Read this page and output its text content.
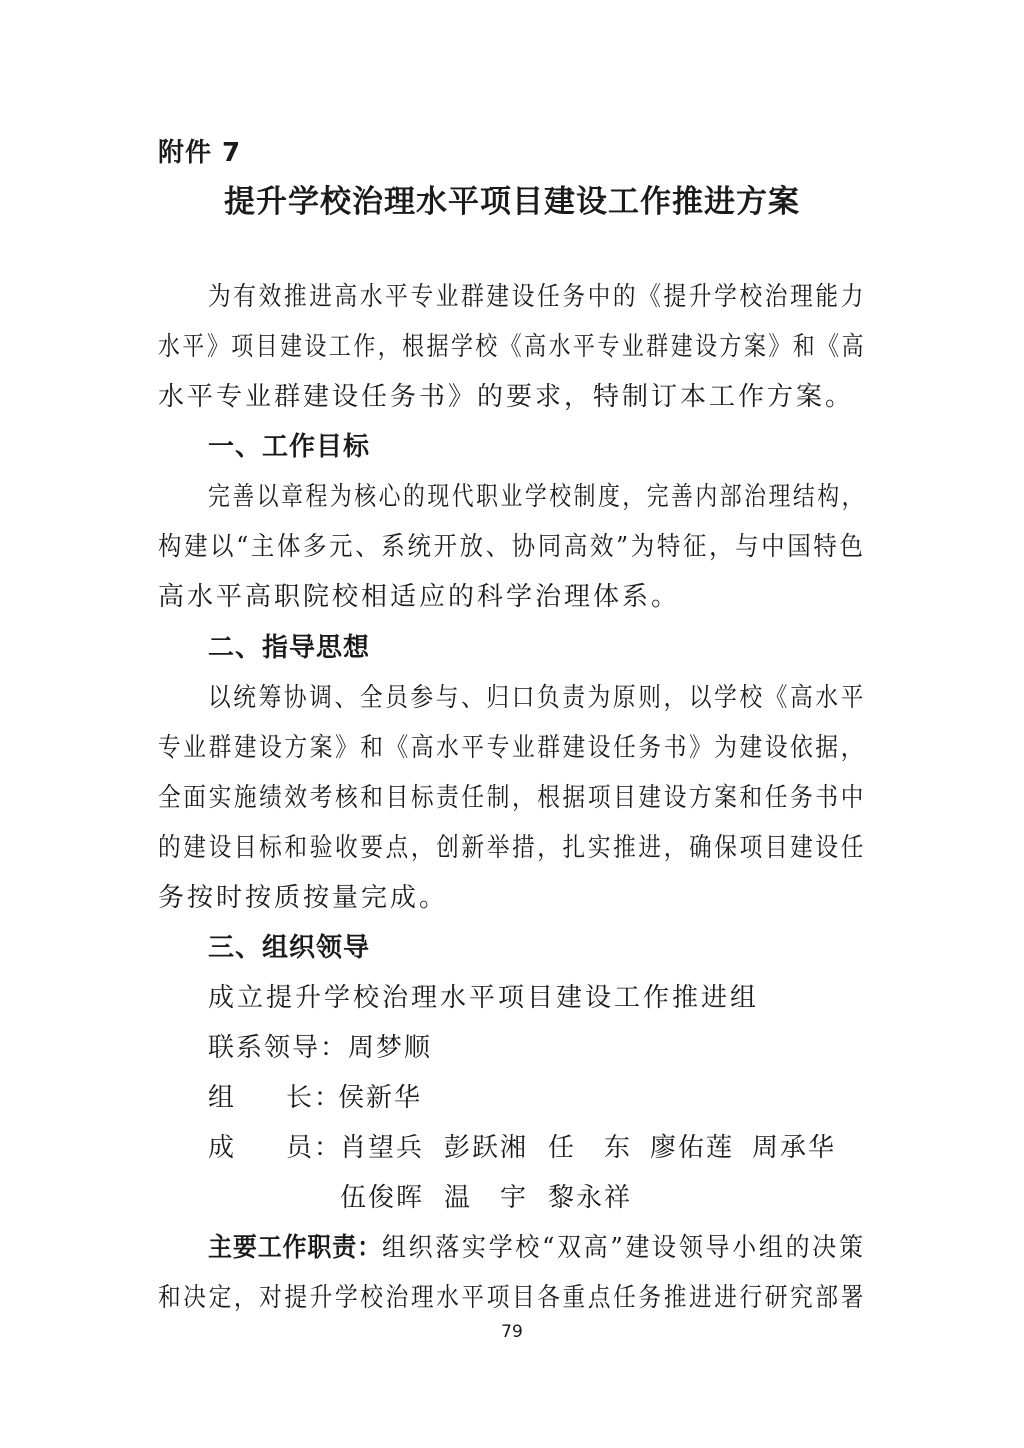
附件 7
提升学校治理水平项目建设工作推进方案
为有效推进高水平专业群建设任务中的《提升学校治理能力
水平》项目建设工作，根据学校《高水平专业群建设方案》和《高
水平专业群建设任务书》的要求，特制订本工作方案。
一、工作目标
完善以章程为核心的现代职业学校制度，完善内部治理结构，
构建以“主体多元、系统开放、协同高效”为特征，与中国特色
高水平高职院校相适应的科学治理体系。
二、指导思想
以统筹协调、全员参与、归口负责为原则，以学校《高水平
专业群建设方案》和《高水平专业群建设任务书》为建设依据，
全面实施绩效考核和目标责任制，根据项目建设方案和任务书中
的建设目标和验收要点，创新举措，扎实推进，确保项目建设任
务按时按质按量完成。
三、组织领导
成立提升学校治理水平项目建设工作推进组
联系领导：周梦顺
组 长：
侯新华
成 员：
肖望兵 彭跃湘 任　东 廖佑莲 周承华
伍俊晖 温　宇 黎永祥
主要工作职责：组织落实学校“双高”建设领导小组的决策
和决定，对提升学校治理水平项目各重点任务推进进行研究部署
79
